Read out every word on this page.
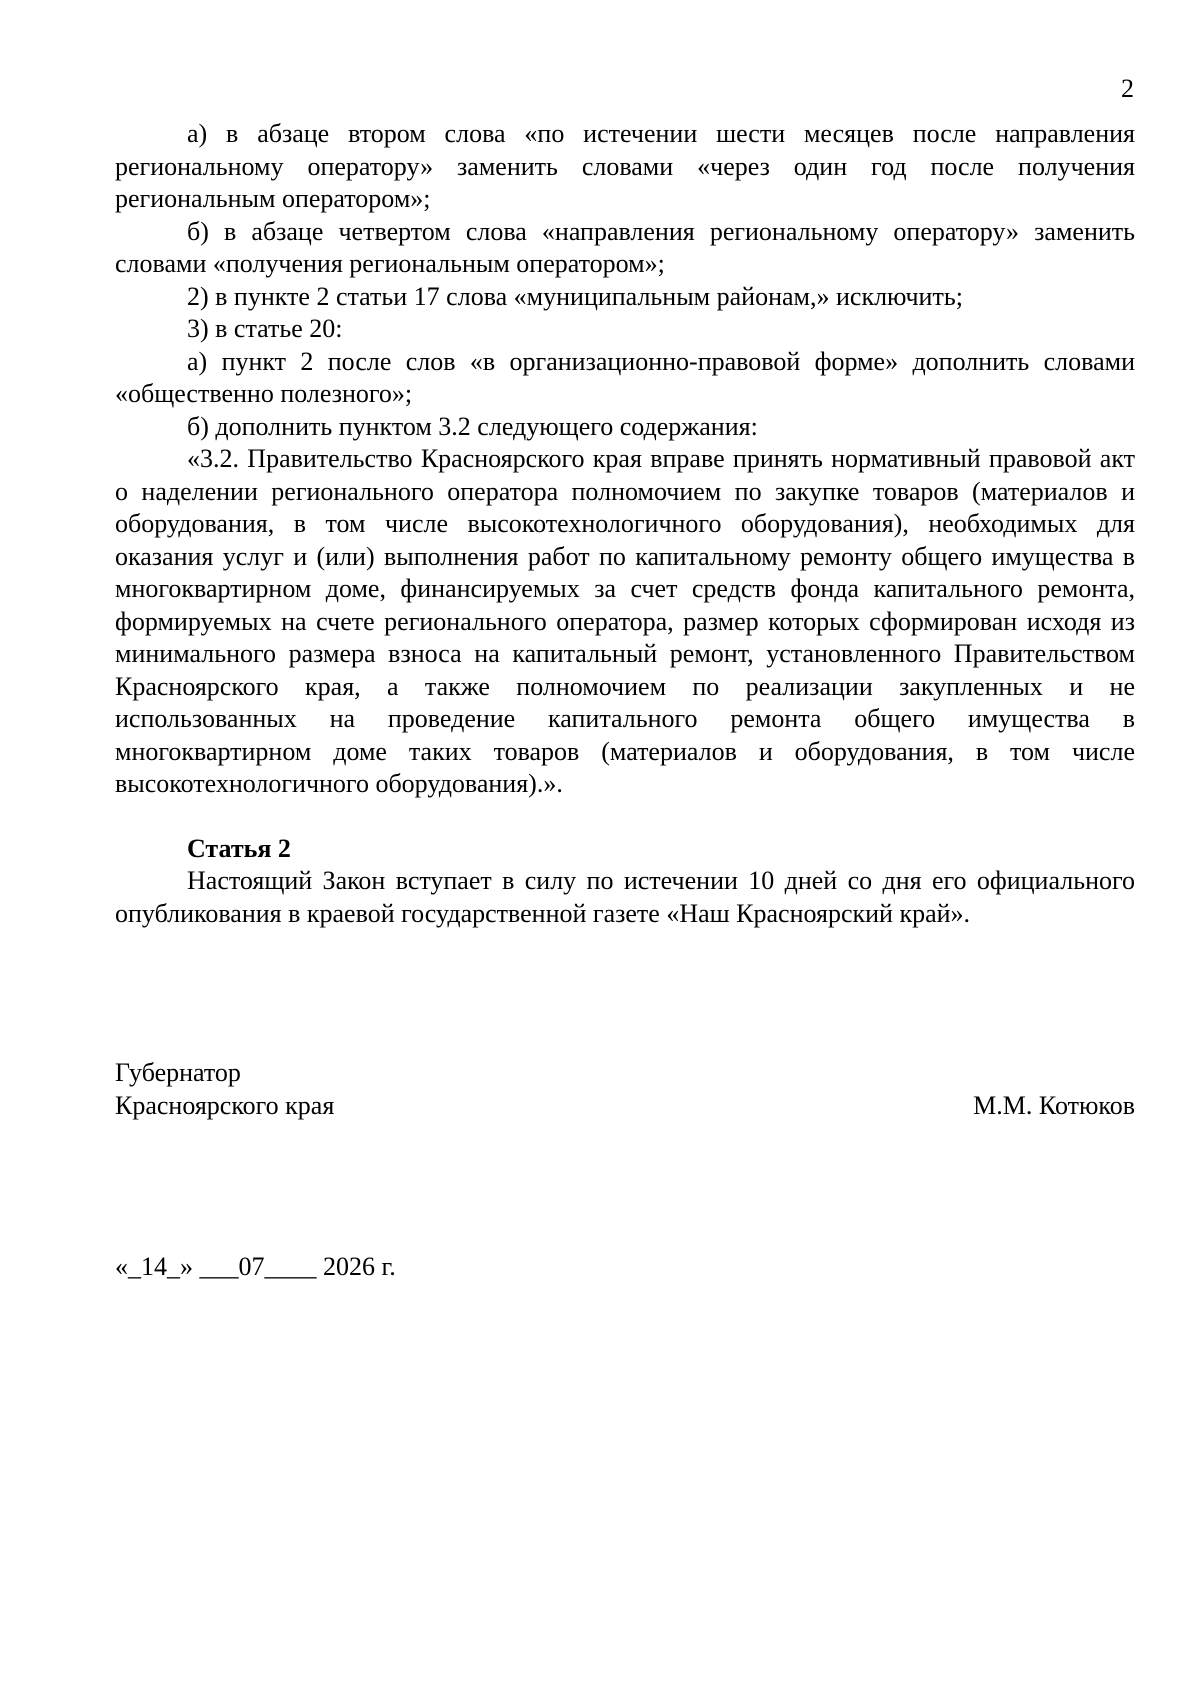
2

а) в абзаце втором слова «по истечении шести месяцев после направления региональному оператору» заменить словами «через один год после получения региональным оператором»;

б) в абзаце четвертом слова «направления региональному оператору» заменить словами «получения региональным оператором»;

2) в пункте 2 статьи 17 слова «муниципальным районам,» исключить;

3) в статье 20:

а) пункт 2 после слов «в организационно-правовой форме» дополнить словами «общественно полезного»;

б) дополнить пунктом 3.2 следующего содержания:

«3.2. Правительство Красноярского края вправе принять нормативный правовой акт о наделении регионального оператора полномочием по закупке товаров (материалов и оборудования, в том числе высокотехнологичного оборудования), необходимых для оказания услуг и (или) выполнения работ по капитальному ремонту общего имущества в многоквартирном доме, финансируемых за счет средств фонда капитального ремонта, формируемых на счете регионального оператора, размер которых сформирован исходя из минимального размера взноса на капитальный ремонт, установленного Правительством Красноярского края, а также полномочием по реализации закупленных и не использованных на проведение капитального ремонта общего имущества в многоквартирном доме таких товаров (материалов и оборудования, в том числе высокотехнологичного оборудования).».

Статья 2

Настоящий Закон вступает в силу по истечении 10 дней со дня его официального опубликования в краевой государственной газете «Наш Красноярский край».

Губернатор
Красноярского края	М.М. Котюков
«_14_» ___07____ 2026 г.
